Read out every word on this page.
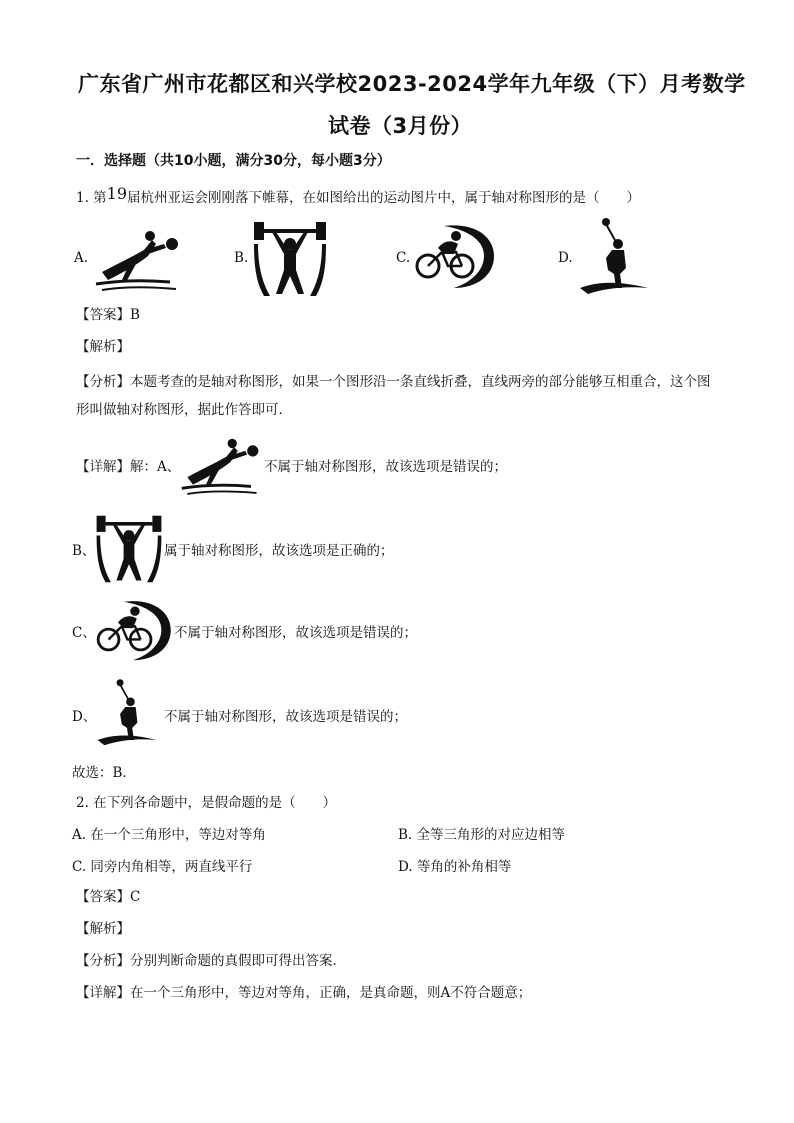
广东省广州市花都区和兴学校2023-2024学年九年级（下）月考数学
试卷（3月份）
一．选择题（共10小题，满分30分，每小题3分）
1. 第19届杭州亚运会刚刚落下帷幕，在如图给出的运动图片中，属于轴对称图形的是（　　）
A.	B.	C.	D.
【答案】B
【解析】
【分析】本题考查的是轴对称图形，如果一个图形沿一条直线折叠，直线两旁的部分能够互相重合，这个图形叫做轴对称图形，据此作答即可．
【详解】解：A、	不属于轴对称图形，故该选项是错误的；
B、	属于轴对称图形，故该选项是正确的；
C、	不属于轴对称图形，故该选项是错误的；
D、	不属于轴对称图形，故该选项是错误的；
故选：B．
2. 在下列各命题中，是假命题的是（　　）
A. 在一个三角形中，等边对等角	B. 全等三角形的对应边相等
C. 同旁内角相等，两直线平行	D. 等角的补角相等
【答案】C
【解析】
【分析】分别判断命题的真假即可得出答案．
【详解】在一个三角形中，等边对等角，正确，是真命题，则A不符合题意；
